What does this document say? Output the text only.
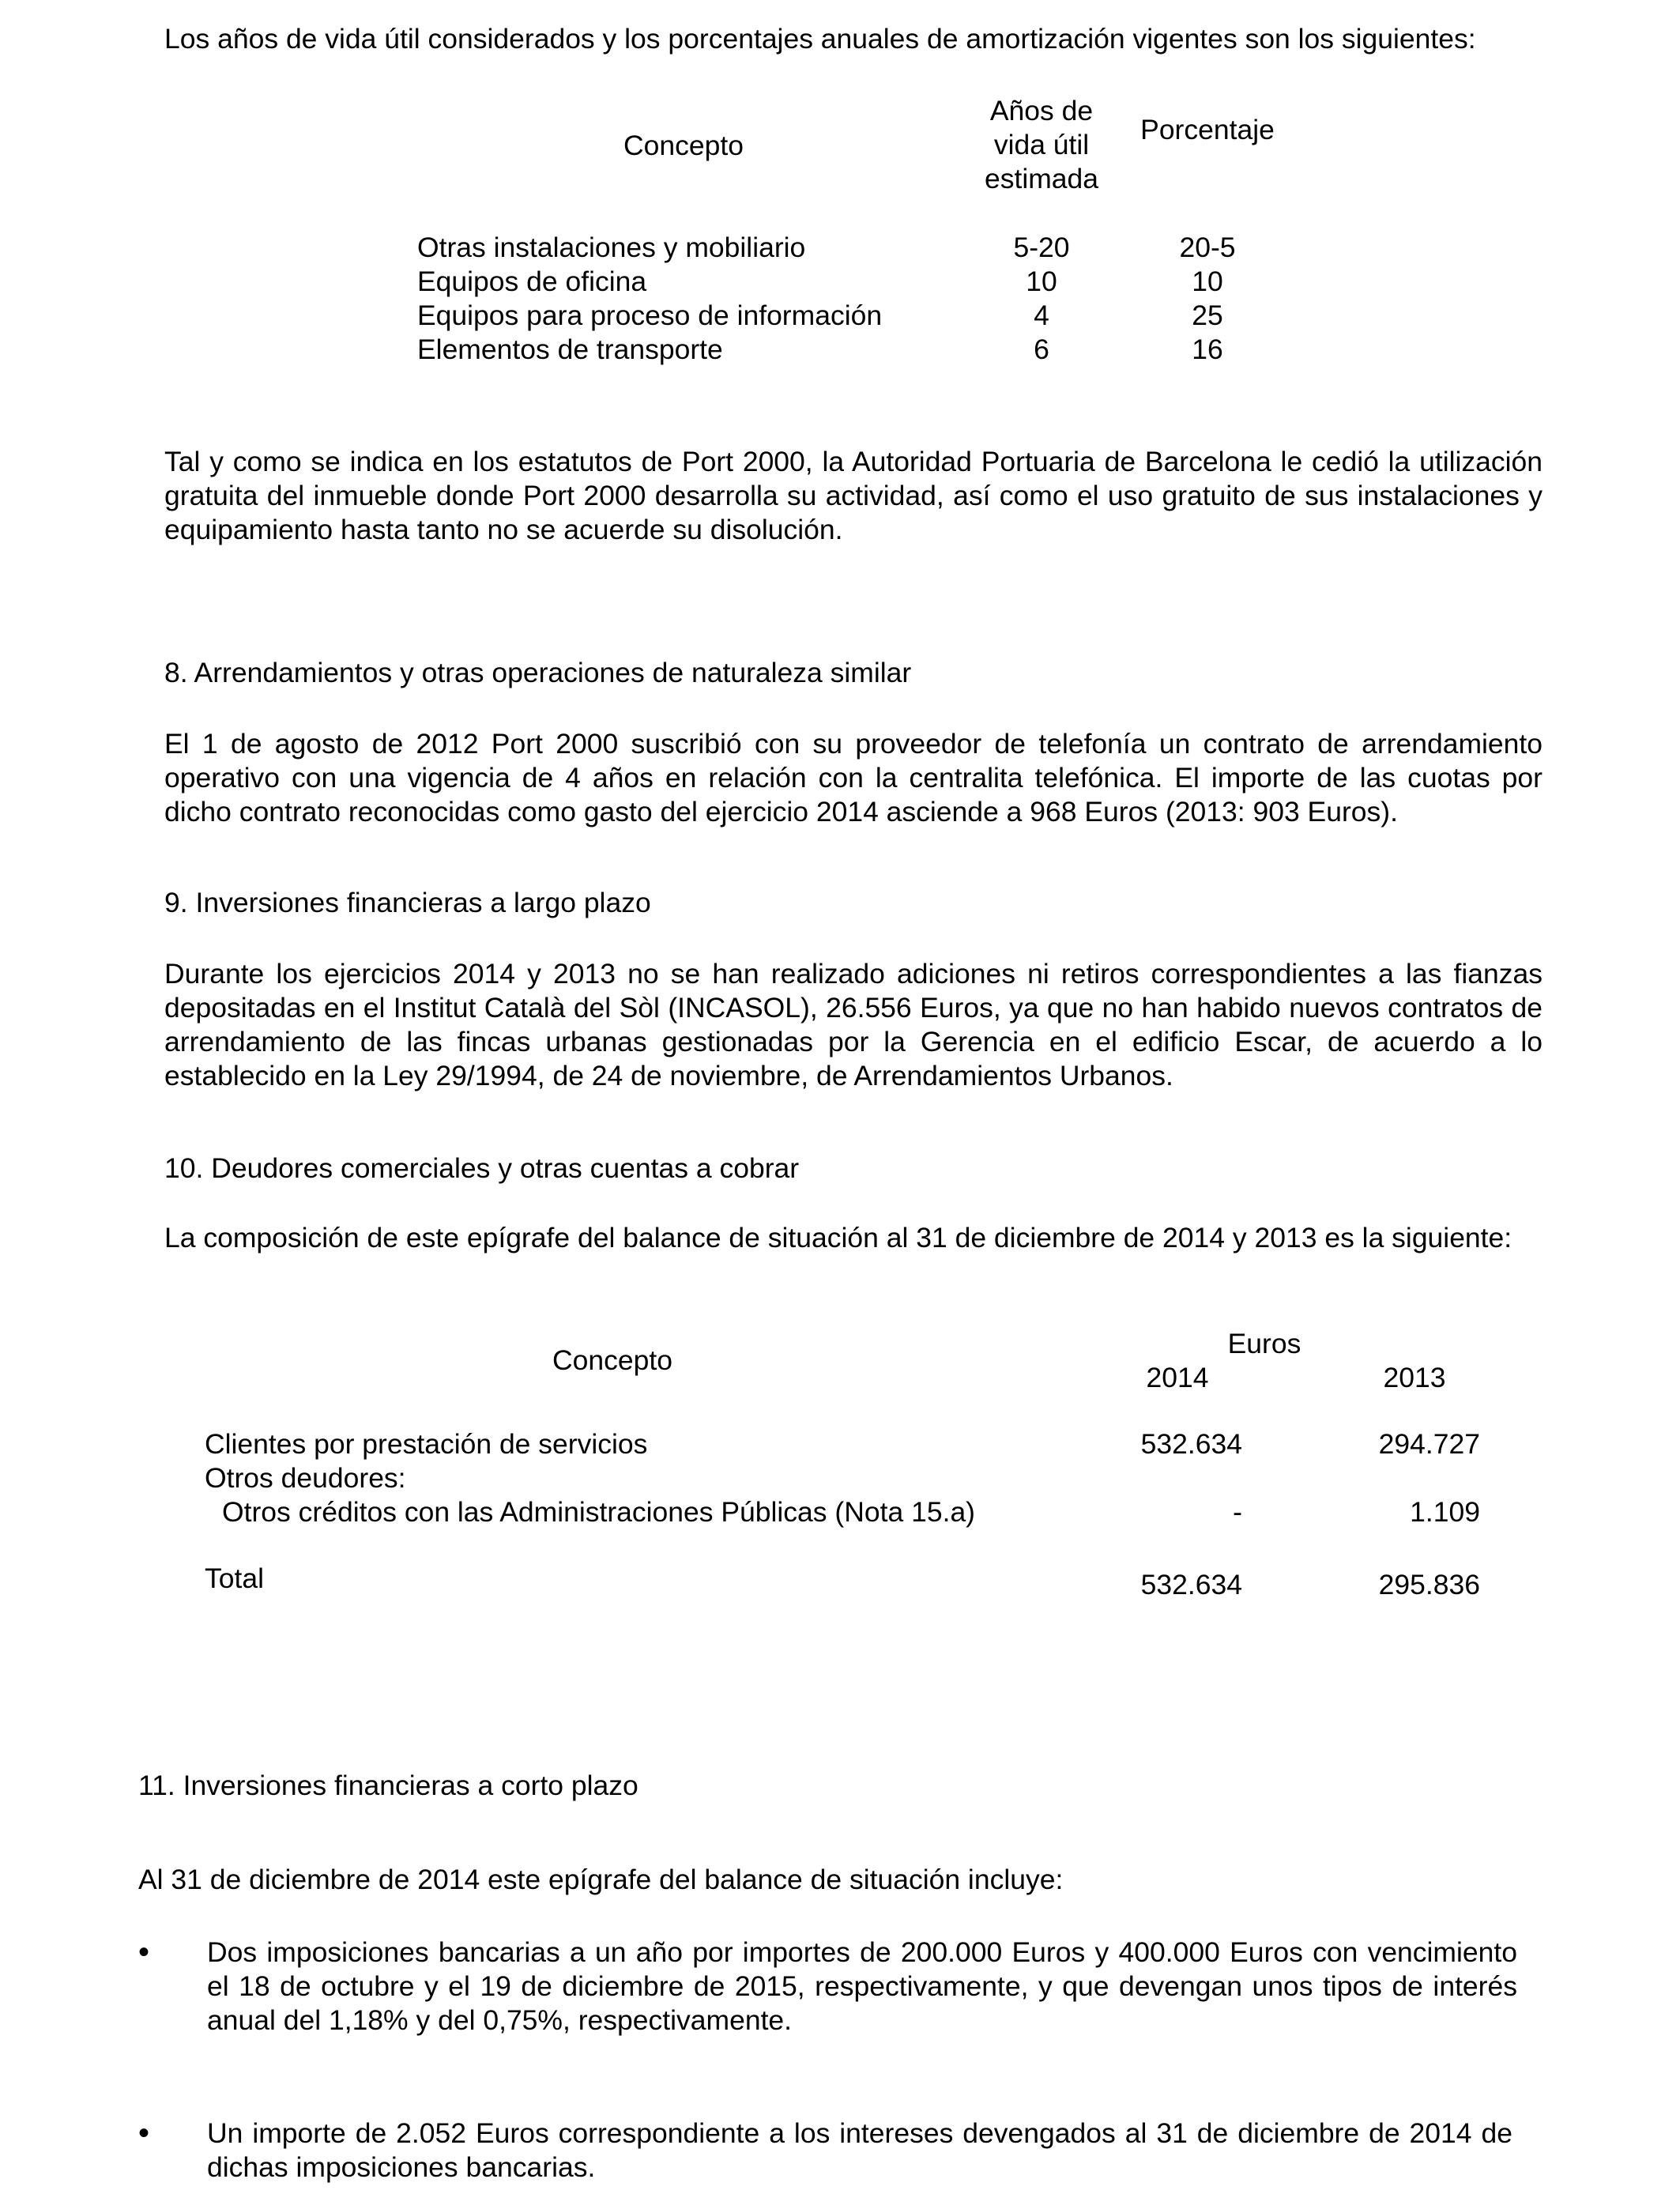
Los años de vida útil considerados y los porcentajes anuales de amortización vigentes son los siguientes:
Concepto
Años de
vida útil
estimada
Porcentaje
Otras instalaciones y mobiliario	5-20	20-5
Equipos de oficina	10	10
Equipos para proceso de información	4	25
Elementos de transporte	6	16
Tal y como se indica en los estatutos de Port 2000, la Autoridad Portuaria de Barcelona le cedió la utilización gratuita del inmueble donde Port 2000 desarrolla su actividad, así como el uso gratuito de sus instalaciones y equipamiento hasta tanto no se acuerde su disolución.
8. Arrendamientos y otras operaciones de naturaleza similar
El 1 de agosto de 2012 Port 2000 suscribió con su proveedor de telefonía un contrato de arrendamiento operativo con una vigencia de 4 años en relación con la centralita telefónica. El importe de las cuotas por dicho contrato reconocidas como gasto del ejercicio 2014 asciende a 968 Euros (2013: 903 Euros).
9. Inversiones financieras a largo plazo
Durante los ejercicios 2014 y 2013 no se han realizado adiciones ni retiros correspondientes a las fianzas depositadas en el Institut Català del Sòl (INCASOL), 26.556 Euros, ya que no han habido nuevos contratos de arrendamiento de las fincas urbanas gestionadas por la Gerencia en el edificio Escar, de acuerdo a lo establecido en la Ley 29/1994, de 24 de noviembre, de Arrendamientos Urbanos.
10. Deudores comerciales y otras cuentas a cobrar
La composición de este epígrafe del balance de situación al 31 de diciembre de 2014 y 2013 es la siguiente:
Concepto
Euros
2014	2013
Clientes por prestación de servicios	532.634	294.727
Otros deudores:
Otros créditos con las Administraciones Públicas (Nota 15.a)	-	1.109
Total	532.634	295.836
11. Inversiones financieras a corto plazo
Al 31 de diciembre de 2014 este epígrafe del balance de situación incluye:
• Dos imposiciones bancarias a un año por importes de 200.000 Euros y 400.000 Euros con vencimiento el 18 de octubre y el 19 de diciembre de 2015, respectivamente, y que devengan unos tipos de interés anual del 1,18% y del 0,75%, respectivamente.
• Un importe de 2.052 Euros correspondiente a los intereses devengados al 31 de diciembre de 2014 de dichas imposiciones bancarias.
